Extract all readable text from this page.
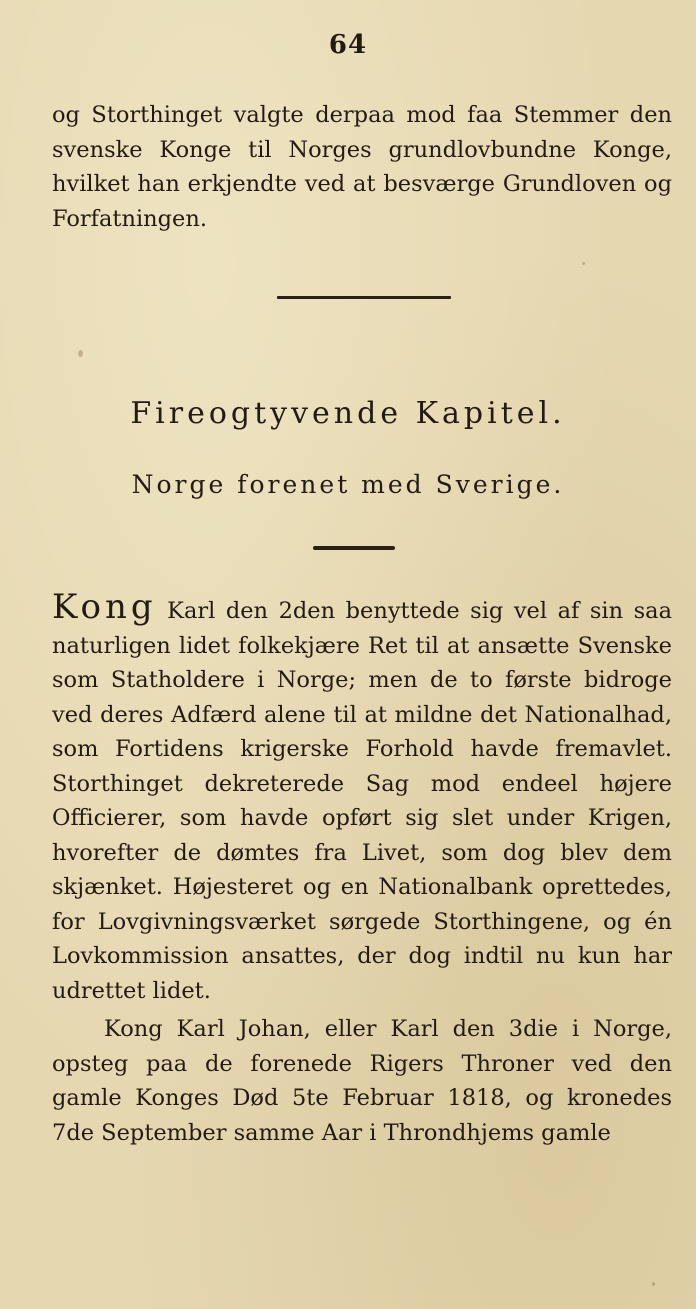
64

og Storthinget valgte derpaa mod faa Stemmer den svenske Konge til Norges grundlovbundne Konge, hvilket han erkjendte ved at besværge Grundloven og Forfatningen.

Fireogtyvende Kapitel.
Norge forenet med Sverige.

Kong Karl den 2den benyttede sig vel af sin saa naturligen lidet folkekjære Ret til at ansætte Svenske som Statholdere i Norge; men de to første bidroge ved deres Adfærd alene til at mildne det Nationalhad, som Fortidens krigerske Forhold havde fremavlet. Storthinget dekreterede Sag mod endeel højere Officierer, som havde opført sig slet under Krigen, hvorefter de dømtes fra Livet, som dog blev dem skjænket. Højesteret og en Nationalbank oprettedes, for Lovgivningsværket sørgede Storthingene, og én Lovkommission ansattes, der dog indtil nu kun har udrettet lidet.

Kong Karl Johan, eller Karl den 3die i Norge, opsteg paa de forenede Rigers Throner ved den gamle Konges Død 5te Februar 1818, og kronedes 7de September samme Aar i Throndhjems gamle
